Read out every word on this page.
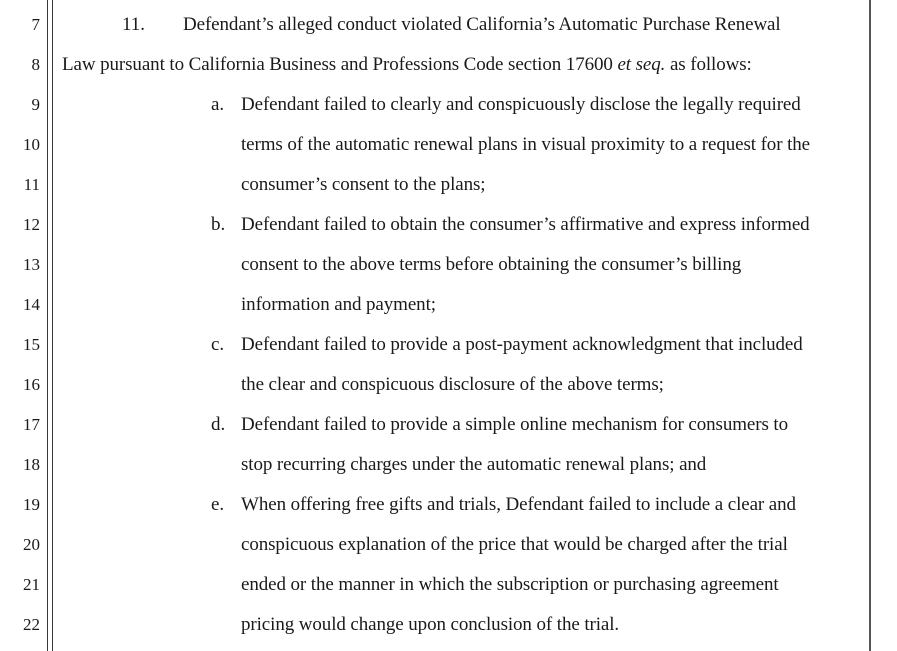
7
8
9
10
11
12
13
14
15
16
17
18
19
20
21
22
11. Defendant’s alleged conduct violated California’s Automatic Purchase Renewal
Law pursuant to California Business and Professions Code section 17600 et seq. as follows:
a. Defendant failed to clearly and conspicuously disclose the legally required
terms of the automatic renewal plans in visual proximity to a request for the
consumer’s consent to the plans;
b. Defendant failed to obtain the consumer’s affirmative and express informed
consent to the above terms before obtaining the consumer’s billing
information and payment;
c. Defendant failed to provide a post-payment acknowledgment that included
the clear and conspicuous disclosure of the above terms;
d. Defendant failed to provide a simple online mechanism for consumers to
stop recurring charges under the automatic renewal plans; and
e. When offering free gifts and trials, Defendant failed to include a clear and
conspicuous explanation of the price that would be charged after the trial
ended or the manner in which the subscription or purchasing agreement
pricing would change upon conclusion of the trial.
